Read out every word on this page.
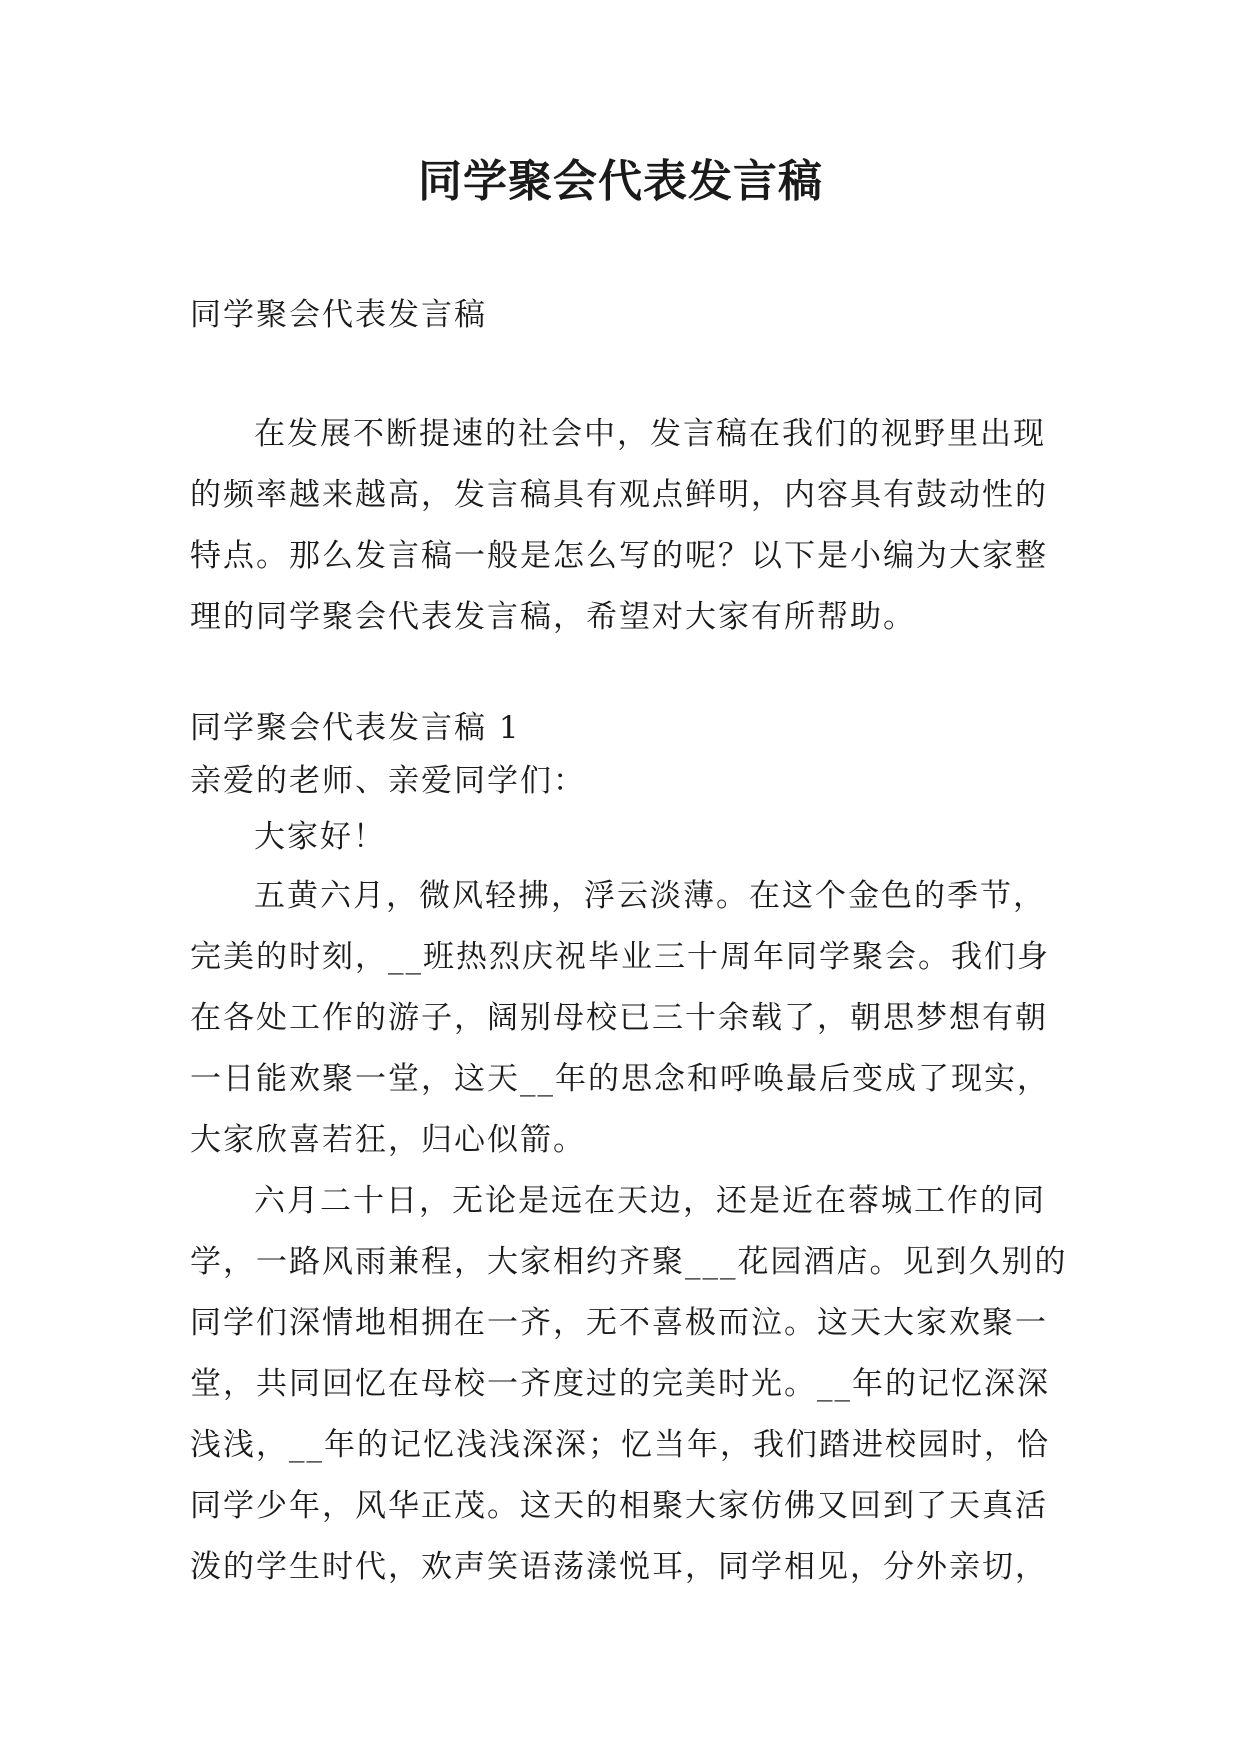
同学聚会代表发言稿
同学聚会代表发言稿

在发展不断提速的社会中，发言稿在我们的视野里出现的频率越来越高，发言稿具有观点鲜明，内容具有鼓动性的特点。那么发言稿一般是怎么写的呢？以下是小编为大家整理的同学聚会代表发言稿，希望对大家有所帮助。

同学聚会代表发言稿 1
亲爱的老师、亲爱同学们：

大家好！

五黄六月，微风轻拂，浮云淡薄。在这个金色的季节，完美的时刻，__班热烈庆祝毕业三十周年同学聚会。我们身在各处工作的游子，阔别母校已三十余载了，朝思梦想有朝一日能欢聚一堂，这天__年的思念和呼唤最后变成了现实，大家欣喜若狂，归心似箭。

六月二十日，无论是远在天边，还是近在蓉城工作的同学，一路风雨兼程，大家相约齐聚___花园酒店。见到久别的同学们深情地相拥在一齐，无不喜极而泣。这天大家欢聚一堂，共同回忆在母校一齐度过的完美时光。__年的记忆深深浅浅，__年的记忆浅浅深深；忆当年，我们踏进校园时，恰同学少年，风华正茂。这天的相聚大家仿佛又回到了天真活泼的学生时代，欢声笑语荡漾悦耳，同学相见，分外亲切，
